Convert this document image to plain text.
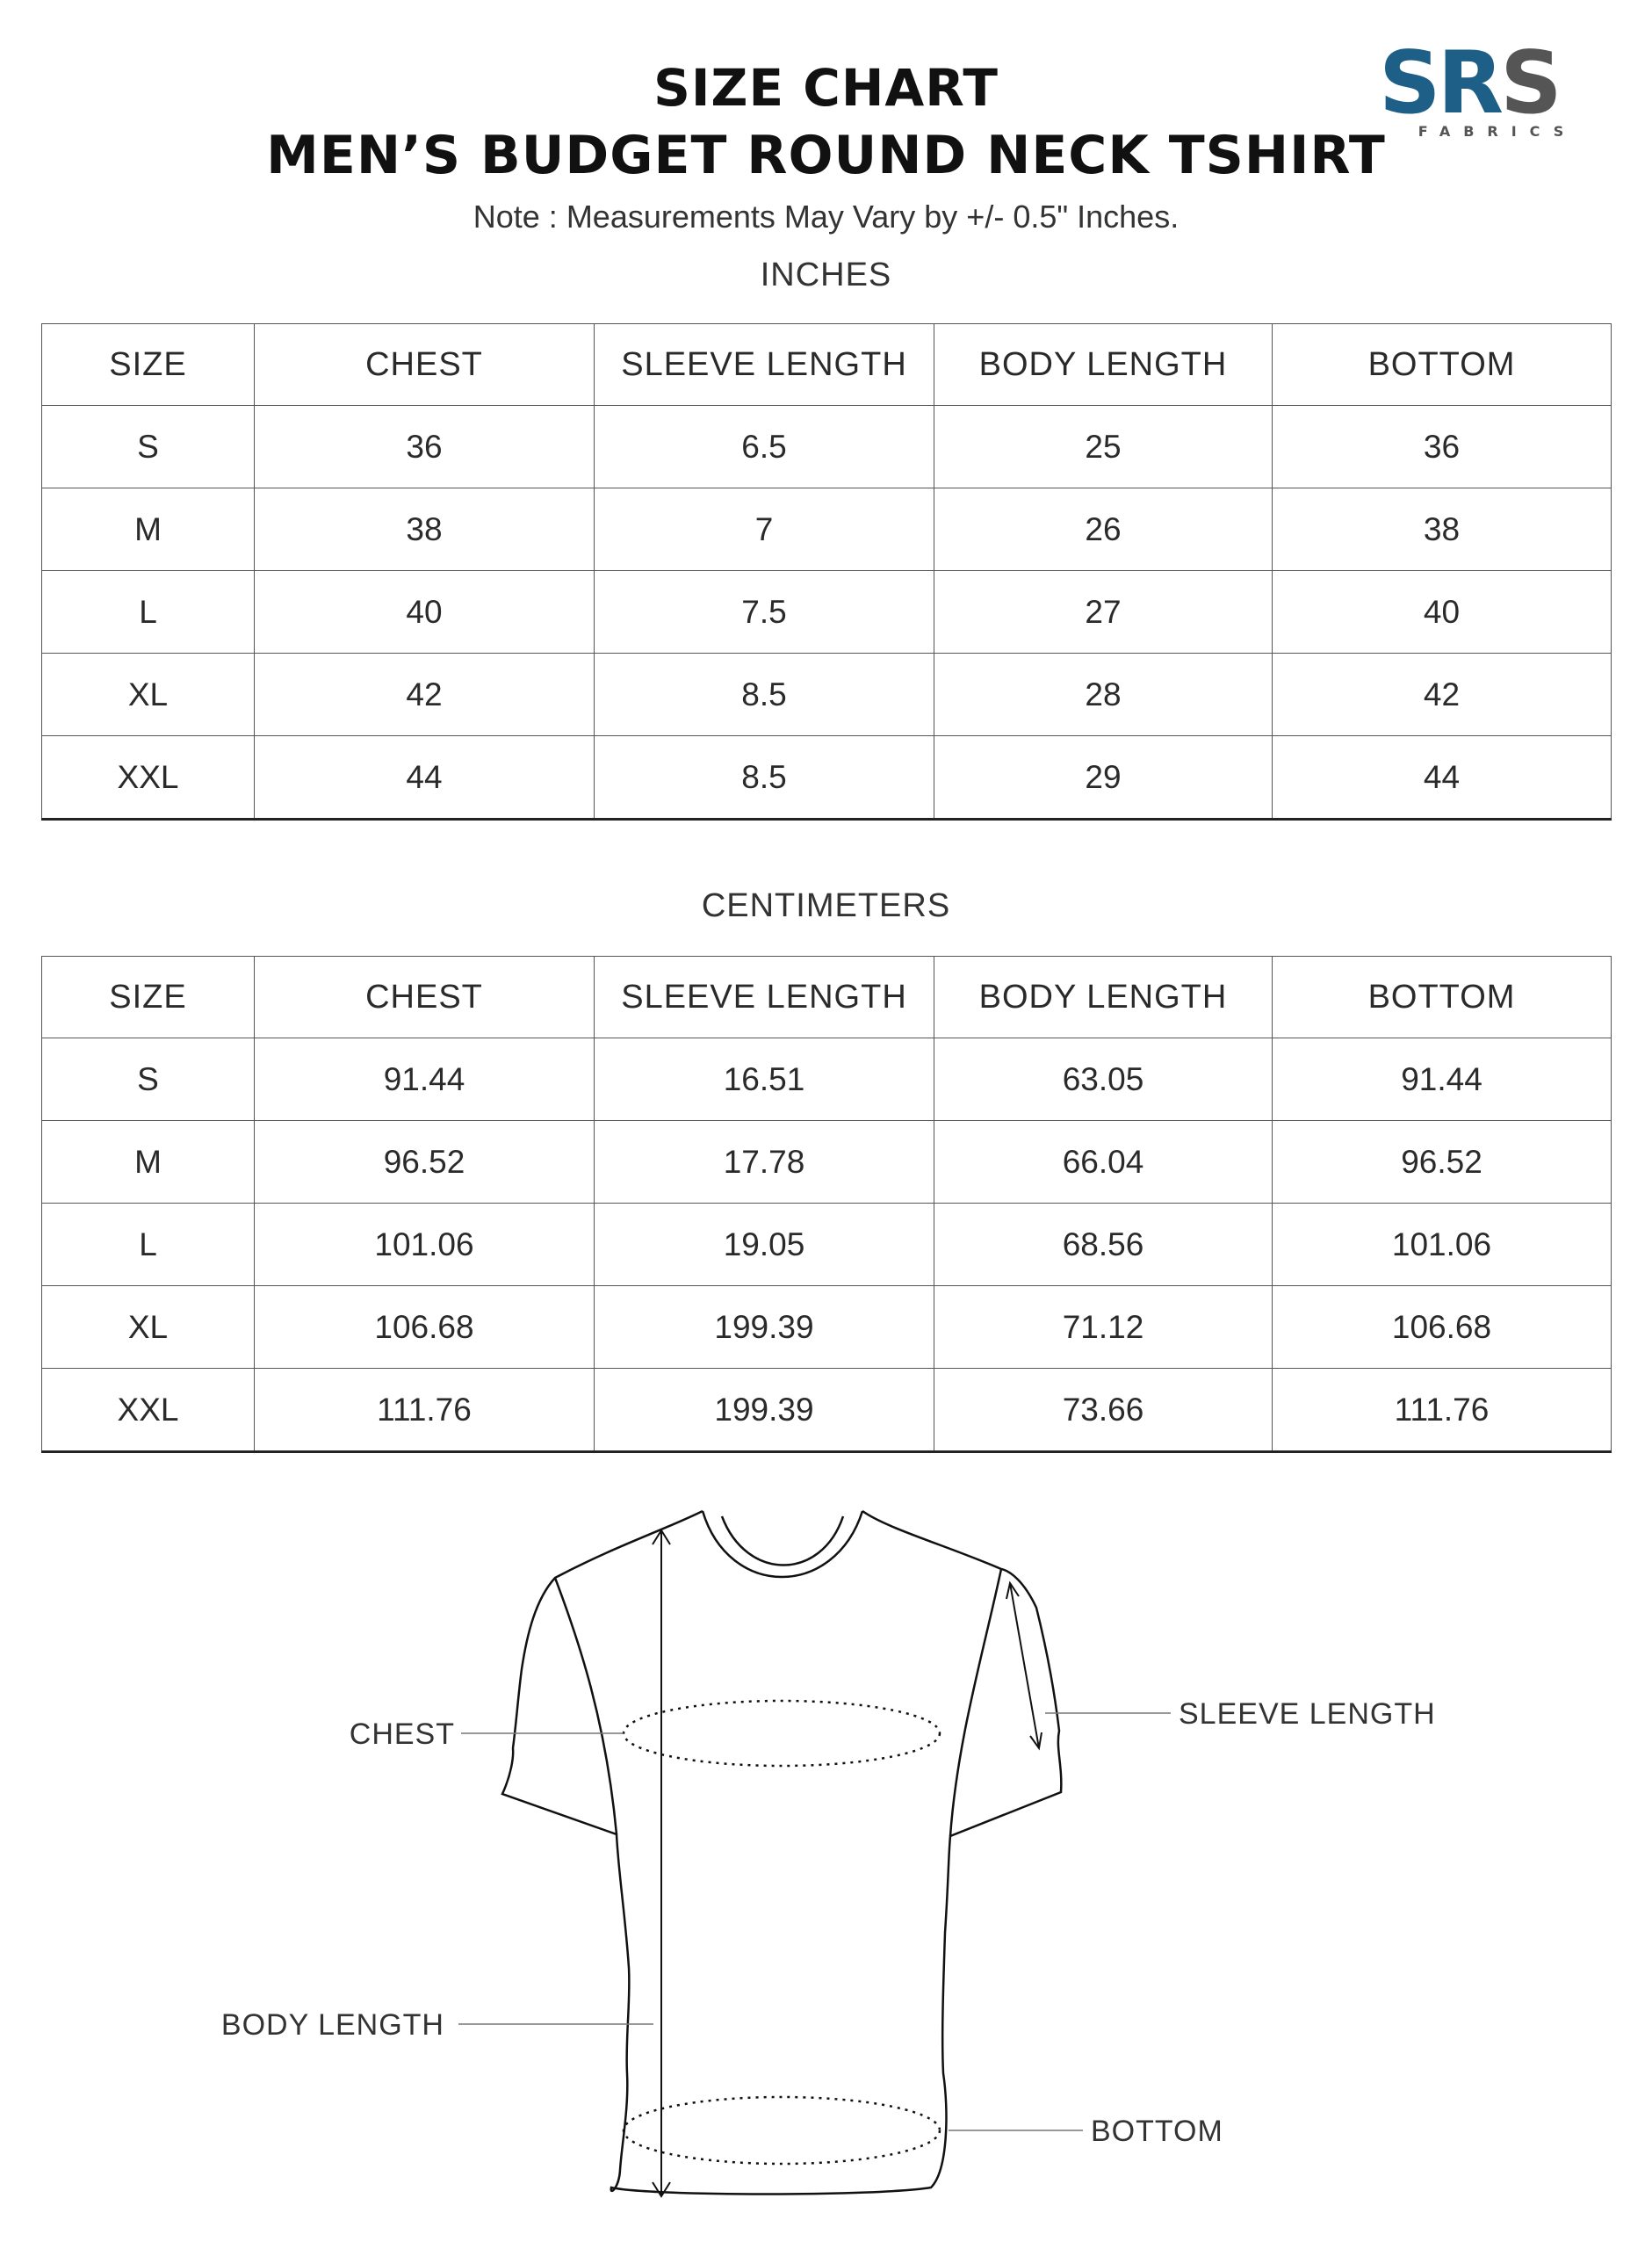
SIZE CHART
MEN’S BUDGET ROUND NECK TSHIRT
Note : Measurements May Vary by +/- 0.5" Inches.
SRS
FABRICS
INCHES
SIZE	CHEST	SLEEVE LENGTH	BODY LENGTH	BOTTOM
S	36	6.5	25	36
M	38	7	26	38
L	40	7.5	27	40
XL	42	8.5	28	42
XXL	44	8.5	29	44
CENTIMETERS
SIZE	CHEST	SLEEVE LENGTH	BODY LENGTH	BOTTOM
S	91.44	16.51	63.05	91.44
M	96.52	17.78	66.04	96.52
L	101.06	19.05	68.56	101.06
XL	106.68	199.39	71.12	106.68
XXL	111.76	199.39	73.66	111.76
CHEST
SLEEVE LENGTH
BODY LENGTH
BOTTOM
